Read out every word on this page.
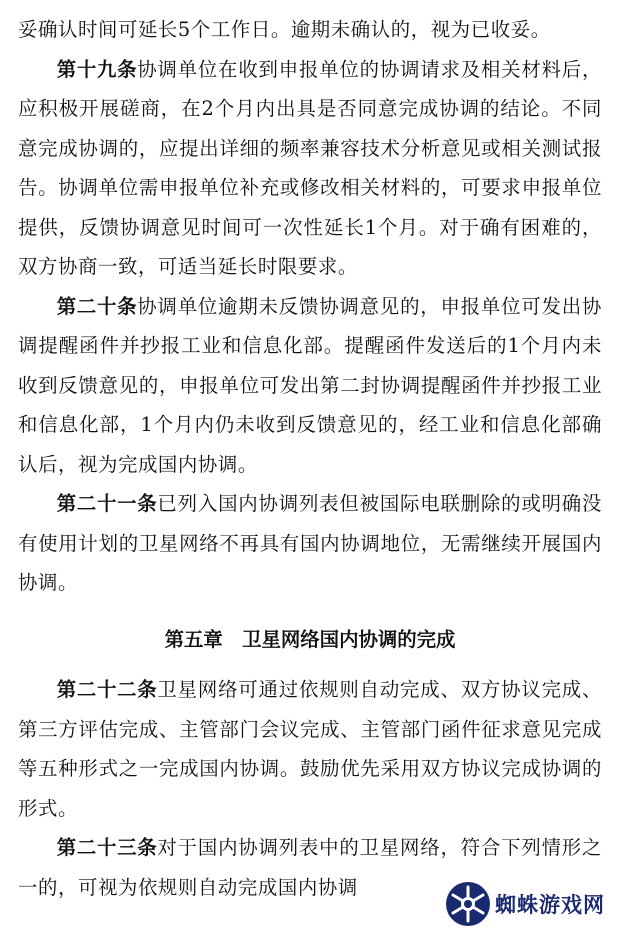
妥确认时间可延长5个工作日。逾期未确认的，视为已收妥。

第十九条协调单位在收到申报单位的协调请求及相关材料后，应积极开展磋商，在2个月内出具是否同意完成协调的结论。不同意完成协调的，应提出详细的频率兼容技术分析意见或相关测试报告。协调单位需申报单位补充或修改相关材料的，可要求申报单位提供，反馈协调意见时间可一次性延长1个月。对于确有困难的，双方协商一致，可适当延长时限要求。

第二十条协调单位逾期未反馈协调意见的，申报单位可发出协调提醒函件并抄报工业和信息化部。提醒函件发送后的1个月内未收到反馈意见的，申报单位可发出第二封协调提醒函件并抄报工业和信息化部，1个月内仍未收到反馈意见的，经工业和信息化部确认后，视为完成国内协调。

第二十一条已列入国内协调列表但被国际电联删除的或明确没有使用计划的卫星网络不再具有国内协调地位，无需继续开展国内协调。

第五章　卫星网络国内协调的完成

第二十二条卫星网络可通过依规则自动完成、双方协议完成、第三方评估完成、主管部门会议完成、主管部门函件征求意见完成等五种形式之一完成国内协调。鼓励优先采用双方协议完成协调的形式。

第二十三条对于国内协调列表中的卫星网络，符合下列情形之一的，可视为依规则自动完成国内协调

蜘蛛游戏网
